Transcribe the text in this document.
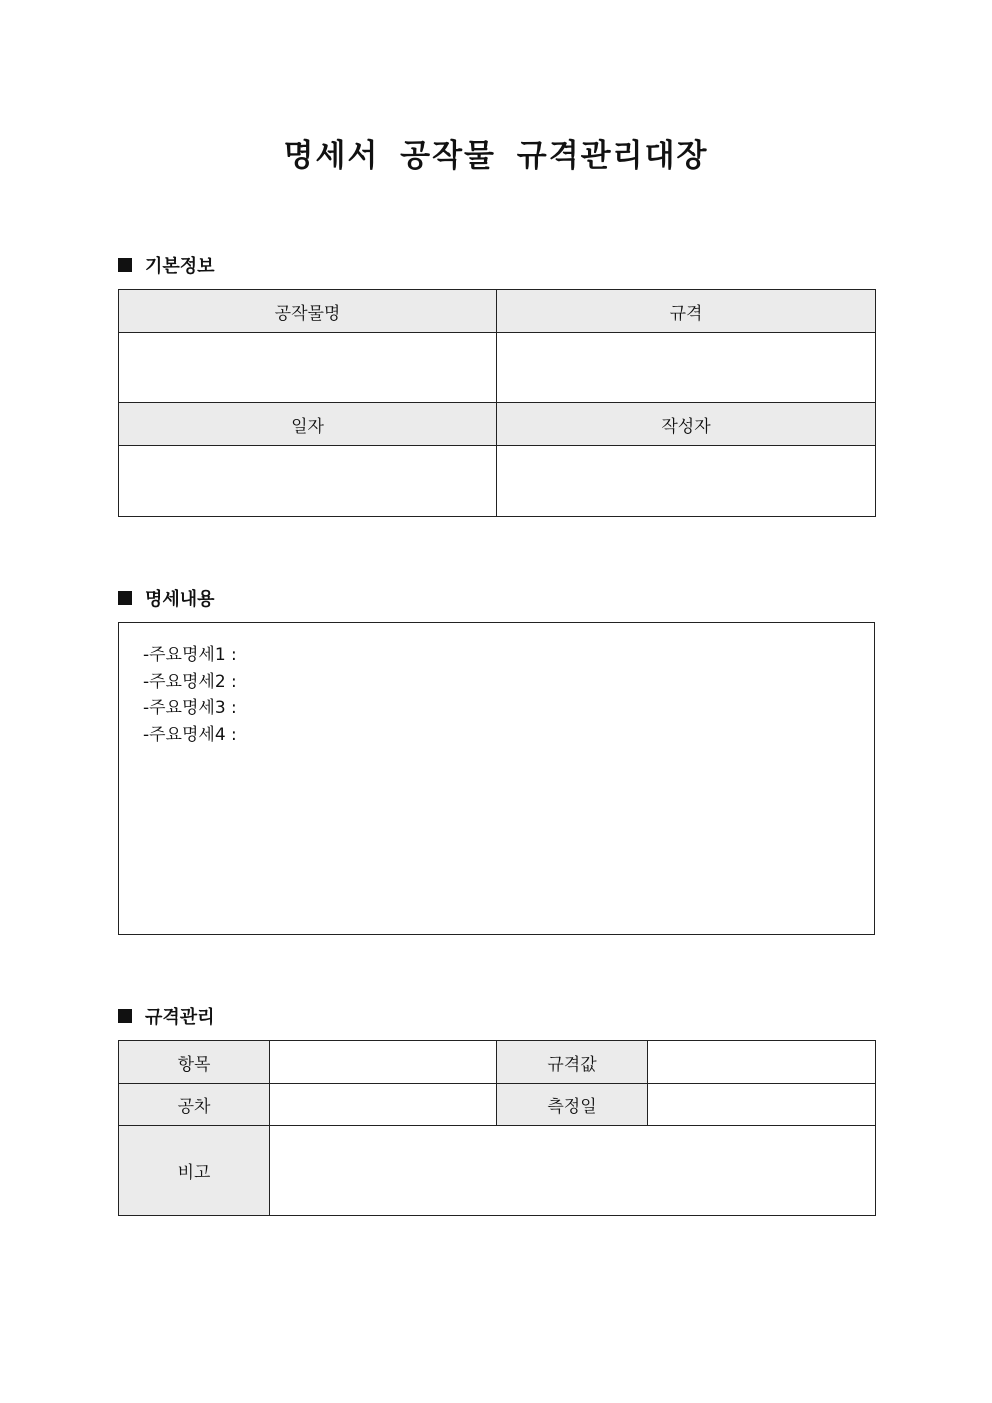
명세서 공작물 규격관리대장
기본정보
공작물명	규격

일자	작성자

명세내용
-주요명세1 :
-주요명세2 :
-주요명세3 :
-주요명세4 :
규격관리
항목		규격값	
공차		측정일	
비고			
